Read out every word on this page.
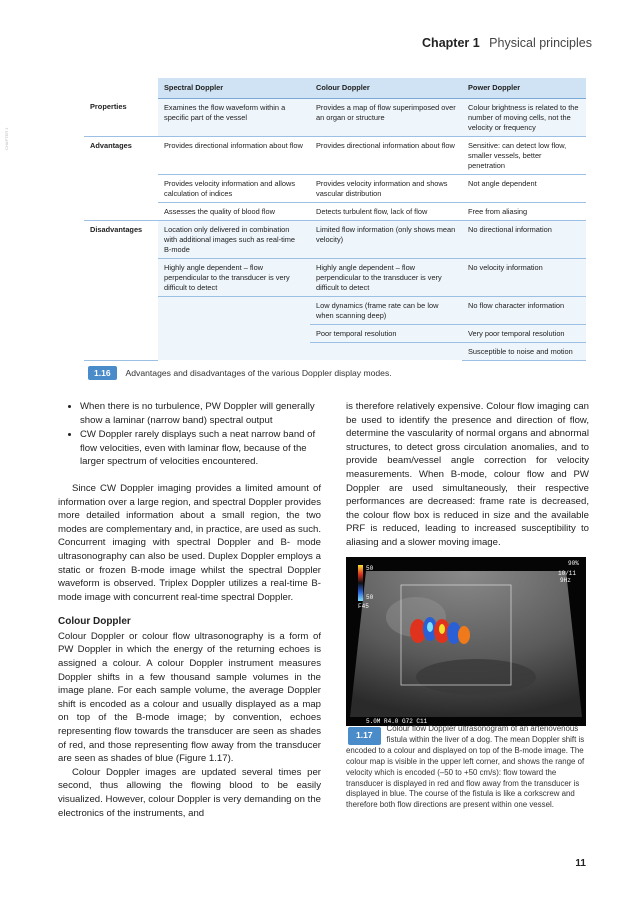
Chapter 1 Physical principles
CHAPTER 1
	Spectral Doppler	Colour Doppler	Power Doppler
Properties	Examines the flow waveform within a specific part of the vessel	Provides a map of flow superimposed over an organ or structure	Colour brightness is related to the number of moving cells, not the velocity or frequency
Advantages	Provides directional information about flow	Provides directional information about flow	Sensitive: can detect low flow, smaller vessels, better penetration
	Provides velocity information and allows calculation of indices	Provides velocity information and shows vascular distribution	Not angle dependent
	Assesses the quality of blood flow	Detects turbulent flow, lack of flow	Free from aliasing
Disadvantages	Location only delivered in combination with additional images such as real-time B-mode	Limited flow information (only shows mean velocity)	No directional information
	Highly angle dependent – flow perpendicular to the transducer is very difficult to detect	Highly angle dependent – flow perpendicular to the transducer is very difficult to detect	No velocity information
		Low dynamics (frame rate can be low when scanning deep)	No flow character information
		Poor temporal resolution	Very poor temporal resolution
			Susceptible to noise and motion
1.16	Advantages and disadvantages of the various Doppler display modes.
• When there is no turbulence, PW Doppler will generally show a laminar (narrow band) spectral output
• CW Doppler rarely displays such a neat narrow band of flow velocities, even with laminar flow, because of the larger spectrum of velocities encountered.

Since CW Doppler imaging provides a limited amount of information over a large region, and spectral Doppler provides more detailed information about a small region, the two modes are complementary and, in practice, are used as such. Concurrent imaging with spectral Doppler and B- mode ultrasonography can also be used. Duplex Doppler employs a static or frozen B-mode image whilst the spectral Doppler waveform is observed. Triplex Doppler utilizes a real-time B-mode image with concurrent real-time spectral Doppler.

Colour Doppler

Colour Doppler or colour flow ultrasonography is a form of PW Doppler in which the energy of the returning echoes is assigned a colour. A colour Doppler instrument measures Doppler shifts in a few thousand sample volumes in the image plane. For each sample volume, the average Doppler shift is encoded as a colour and usually displayed as a map on top of the B-mode image; by convention, echoes representing flow towards the transducer are seen as shades of red, and those representing flow away from the transducer are seen as shades of blue (Figure 1.17).

Colour Doppler images are updated several times per second, thus allowing the flowing blood to be easily visualized. However, colour Doppler is very demanding on the electronics of the instruments, and

is therefore relatively expensive. Colour flow imaging can be used to identify the presence and direction of flow, determine the vascularity of normal organs and abnormal structures, to detect gross circulation anomalies, and to provide beam/vessel angle correction for velocity measurements. When B-mode, colour flow and PW Doppler are used simultaneously, their respective performances are decreased: frame rate is decreased, the colour flow box is reduced in size and the available PRF is reduced, leading to increased susceptibility to aliasing and a slower moving image.

50
50
F45
90%
10/11
9Hz
5.0M R4.0 G72 C11
1.17
Colour flow Doppler ultrasonogram of an arteriovenous fistula within the liver of a dog. The mean Doppler shift is encoded to a colour and displayed on top of the B-mode image. The colour map is visible in the upper left corner, and shows the range of velocity which is encoded (–50 to +50 cm/s): flow toward the transducer is displayed in red and flow away from the transducer is displayed in blue. The course of the fistula is like a corkscrew and therefore both flow directions are present within one vessel.
11
